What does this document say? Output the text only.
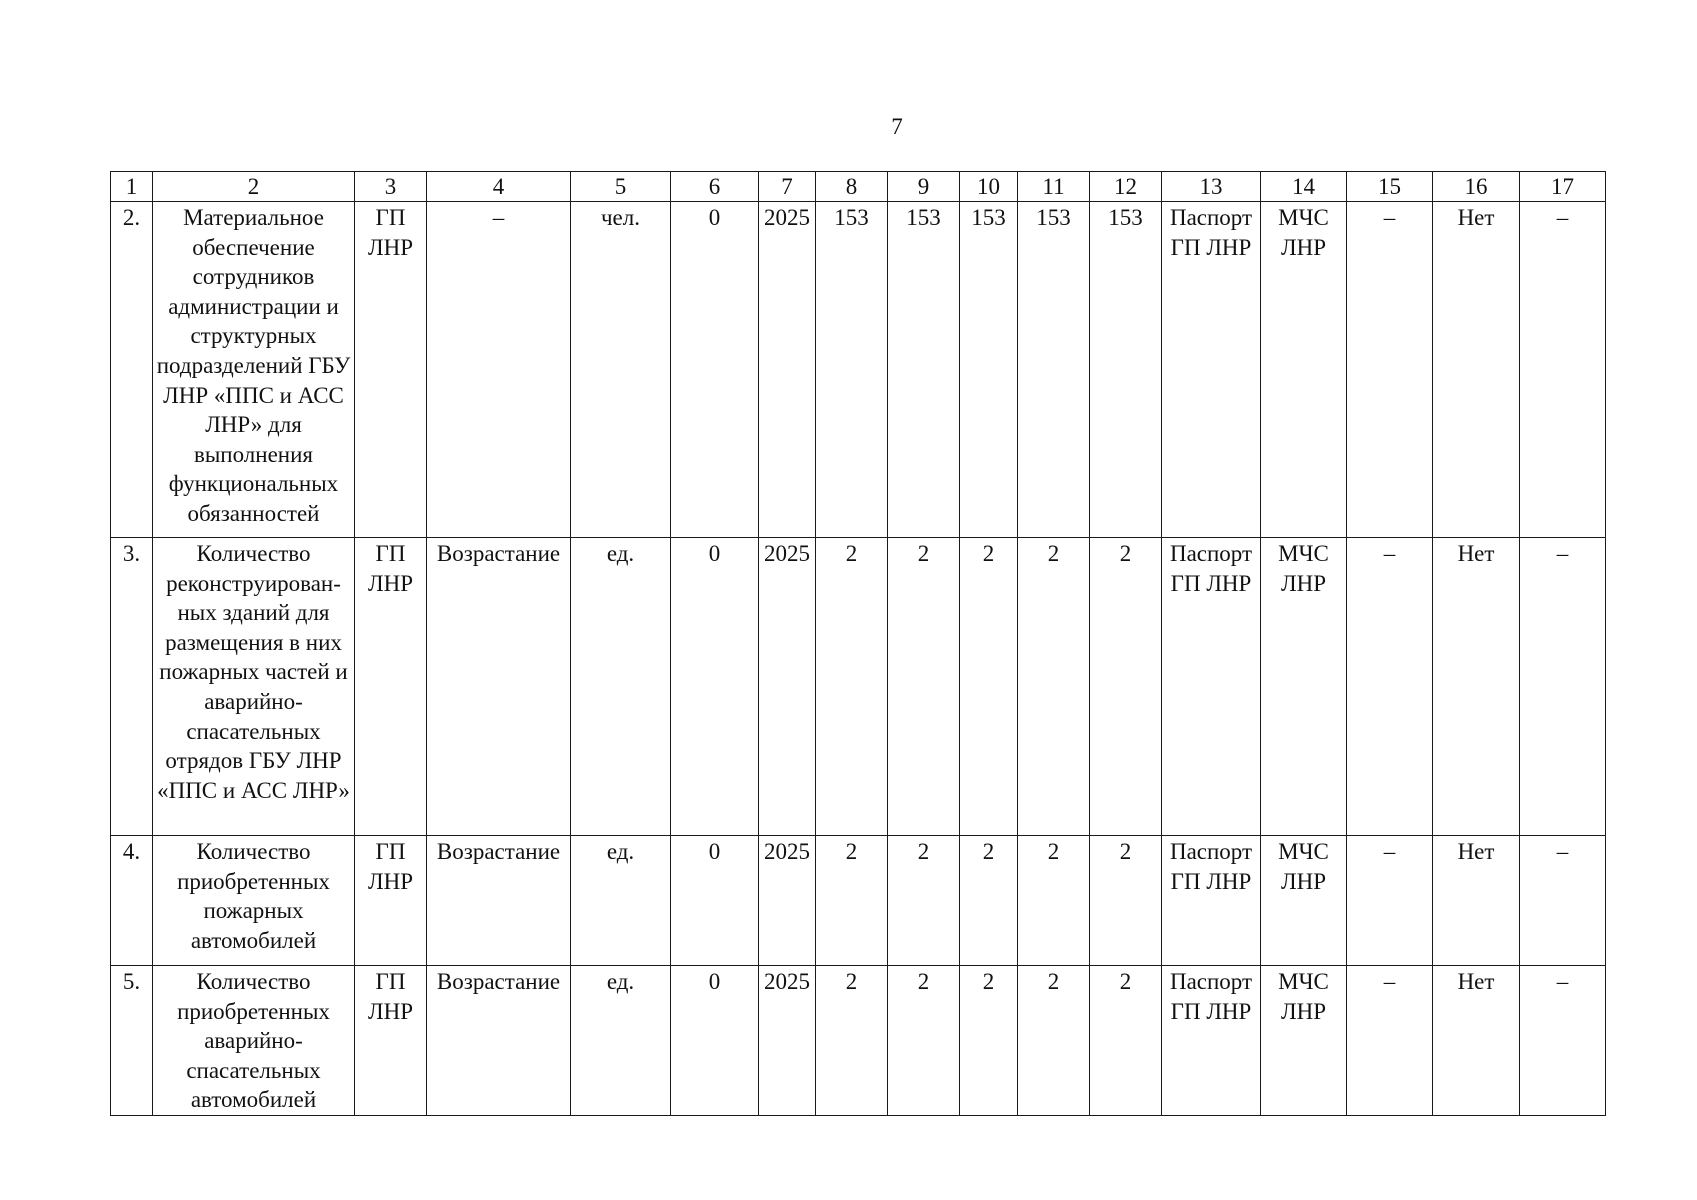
7
1	2	3	4	5	6	7	8	9	10	11	12	13	14	15	16	17
2.	Материальное обеспечение сотрудников администрации и структурных подразделений ГБУ ЛНР «ППС и АСС ЛНР» для выполнения функциональных обязанностей	ГП ЛНР	–	чел.	0	2025	153	153	153	153	153	Паспорт ГП ЛНР	МЧС ЛНР	–	Нет	–
3.	Количество реконструирован-ных зданий для размещения в них пожарных частей и аварийно-спасательных отрядов ГБУ ЛНР «ППС и АСС ЛНР»	ГП ЛНР	Возрастание	ед.	0	2025	2	2	2	2	2	Паспорт ГП ЛНР	МЧС ЛНР	–	Нет	–
4.	Количество приобретенных пожарных автомобилей	ГП ЛНР	Возрастание	ед.	0	2025	2	2	2	2	2	Паспорт ГП ЛНР	МЧС ЛНР	–	Нет	–
5.	Количество приобретенных аварийно-спасательных автомобилей	ГП ЛНР	Возрастание	ед.	0	2025	2	2	2	2	2	Паспорт ГП ЛНР	МЧС ЛНР	–	Нет	–
